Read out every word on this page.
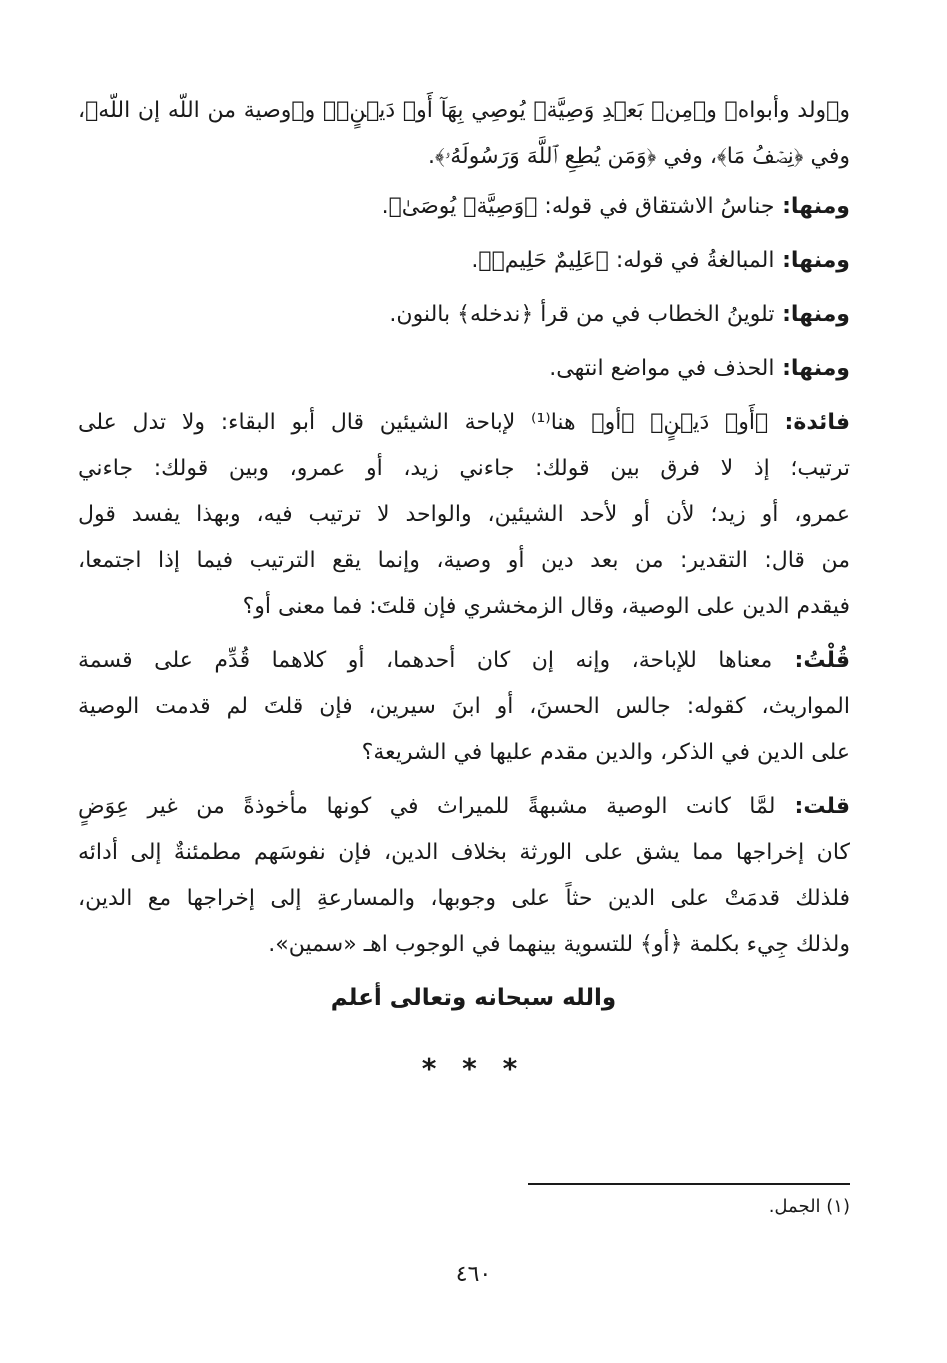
و﴿ولد وأبواه﴾ و﴿مِنۢ بَعۡدِ وَصِيَّةٖ يُوصِي بِهَآ أَوۡ دَيۡنٍۗ﴾ و﴿وصية من اللّه إن اللّه﴾،
وفي ﴿نِصۡفُ مَا﴾، وفي ﴿وَمَن يُطِعِ ٱللَّهَ وَرَسُولَهُۥ﴾.
ومنها: جناسُ الاشتقاق في قوله: ﴿وَصِيَّةٖ يُوصَىٰ﴾.
ومنها: المبالغةُ في قوله: ﴿عَلِيمٌ حَلِيمٞ﴾.
ومنها: تلوينُ الخطاب في من قرأ ﴿ندخله﴾ بالنون.
ومنها: الحذف في مواضع انتهى.
فائدة: ﴿أَوۡ دَيۡنٍ﴾ ﴿أو﴾ هنا⁽¹⁾ لإباحة الشيئين قال أبو البقاء: ولا تدل على
ترتيب؛ إذ لا فرق بين قولك: جاءني زيد، أو عمرو، وبين قولك: جاءني
عمرو، أو زيد؛ لأن أو لأحد الشيئين، والواحد لا ترتيب فيه، وبهذا يفسد قول
من قال: التقدير: من بعد دين أو وصية، وإنما يقع الترتيب فيما إذا اجتمعا،
فيقدم الدين على الوصية، وقال الزمخشري فإن قلتَ: فما معنى أو؟
قُلْتُ: معناها للإباحة، وإنه إن كان أحدهما، أو كلاهما قُدِّم على قسمة
المواريث، كقوله: جالس الحسنَ، أو ابنَ سيرين، فإن قلتَ لم قدمت الوصية
على الدين في الذكر، والدين مقدم عليها في الشريعة؟
قلت: لمَّا كانت الوصية مشبهةً للميراث في كونها مأخوذةً من غير عِوَضٍ
كان إخراجها مما يشق على الورثة بخلاف الدين، فإن نفوسَهم مطمئنةٌ إلى أدائه
فلذلك قدمَتْ على الدين حثاً على وجوبها، والمسارعةِ إلى إخراجها مع الدين،
ولذلك جِيء بكلمة ﴿أو﴾ للتسوية بينهما في الوجوب اهـ «سمين».
والله سبحانه وتعالى أعلم
* * *
(١) الجمل.
٤٦٠
